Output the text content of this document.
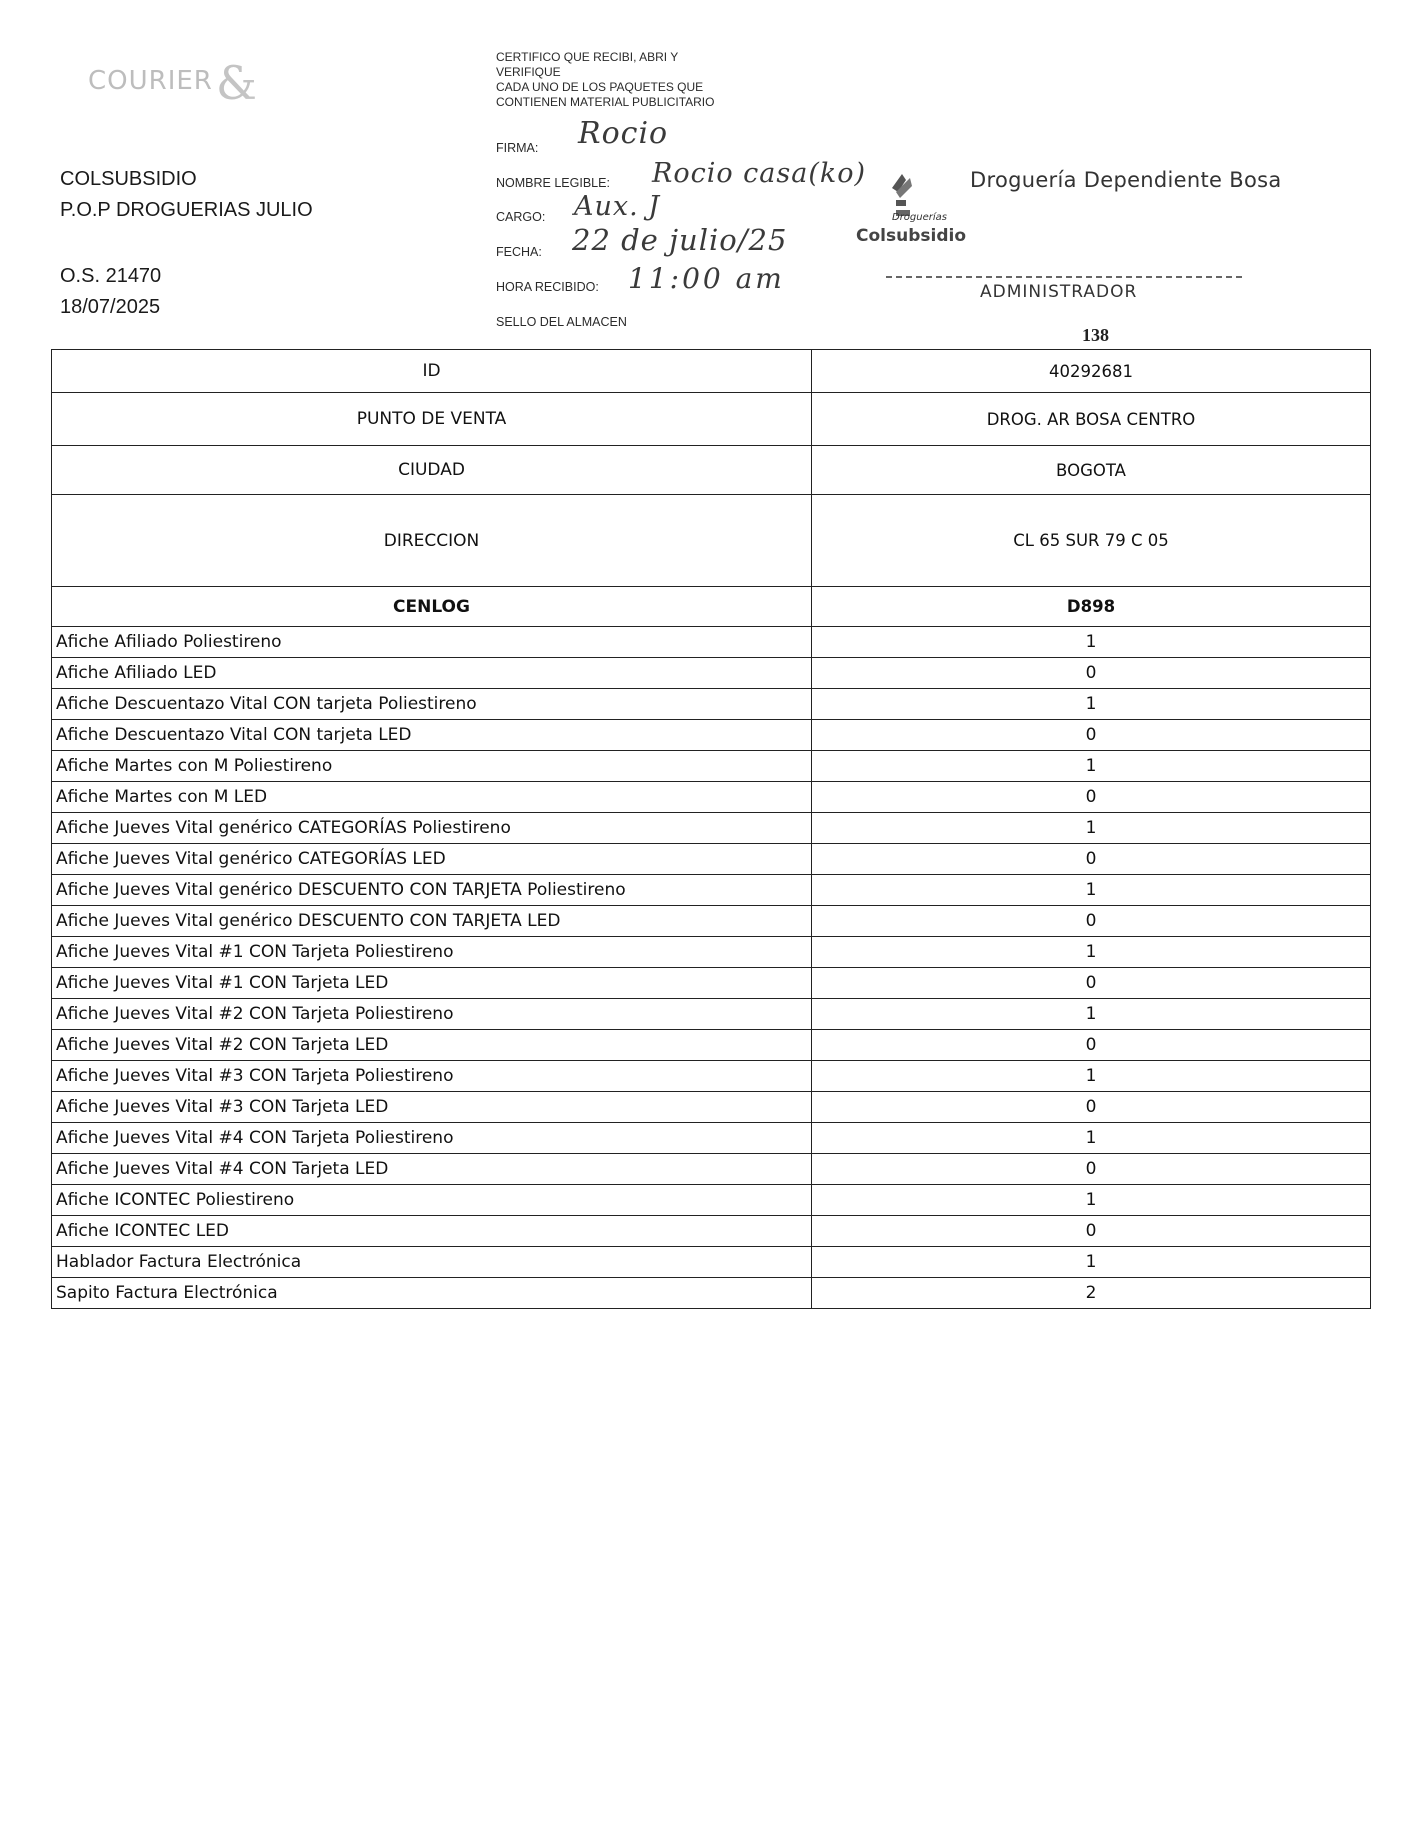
COURIER &
COLSUBSIDIO
P.O.P DROGUERIAS JULIO
O.S. 21470
18/07/2025
CERTIFICO QUE RECIBI, ABRI Y
VERIFIQUE
CADA UNO DE LOS PAQUETES QUE
CONTIENEN MATERIAL PUBLICITARIO
FIRMA: Rocio
NOMBRE LEGIBLE: Rocio casa(ko)
CARGO: Aux. J
FECHA: 22 de julio/25
HORA RECIBIDO: 11:00 am
Droguerías
Colsubsidio
Droguería Dependiente Bosa
ADMINISTRADOR
SELLO DEL ALMACEN
138
ID	40292681
PUNTO DE VENTA	DROG. AR BOSA CENTRO
CIUDAD	BOGOTA
DIRECCION	CL 65 SUR 79 C 05
CENLOG	D898
Afiche Afiliado Poliestireno	1
Afiche Afiliado LED	0
Afiche Descuentazo Vital CON tarjeta Poliestireno	1
Afiche Descuentazo Vital CON tarjeta LED	0
Afiche Martes con M Poliestireno	1
Afiche Martes con M LED	0
Afiche Jueves Vital genérico CATEGORÍAS Poliestireno	1
Afiche Jueves Vital genérico CATEGORÍAS LED	0
Afiche Jueves Vital genérico DESCUENTO CON TARJETA Poliestireno	1
Afiche Jueves Vital genérico DESCUENTO CON TARJETA LED	0
Afiche Jueves Vital #1 CON Tarjeta Poliestireno	1
Afiche Jueves Vital #1 CON Tarjeta LED	0
Afiche Jueves Vital #2 CON Tarjeta Poliestireno	1
Afiche Jueves Vital #2 CON Tarjeta LED	0
Afiche Jueves Vital #3 CON Tarjeta Poliestireno	1
Afiche Jueves Vital #3 CON Tarjeta LED	0
Afiche Jueves Vital #4 CON Tarjeta Poliestireno	1
Afiche Jueves Vital #4 CON Tarjeta LED	0
Afiche ICONTEC Poliestireno	1
Afiche ICONTEC LED	0
Hablador Factura Electrónica	1
Sapito Factura Electrónica	2
